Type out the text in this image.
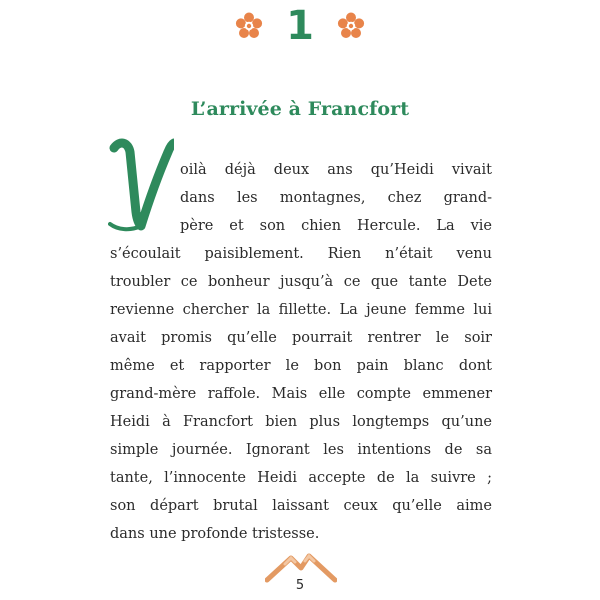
1
L’arrivée à Francfort
oilà déjà deux ans qu’Heidi vivait
dans les montagnes, chez grand-
père et son chien Hercule. La vie
s’écoulait paisiblement. Rien n’était venu
troubler ce bonheur jusqu’à ce que tante Dete
revienne chercher la fillette. La jeune femme lui
avait promis qu’elle pourrait rentrer le soir
même et rapporter le bon pain blanc dont
grand-mère raffole. Mais elle compte emmener
Heidi à Francfort bien plus longtemps qu’une
simple journée. Ignorant les intentions de sa
tante, l’innocente Heidi accepte de la suivre ;
son départ brutal laissant ceux qu’elle aime
dans une profonde tristesse.
5
